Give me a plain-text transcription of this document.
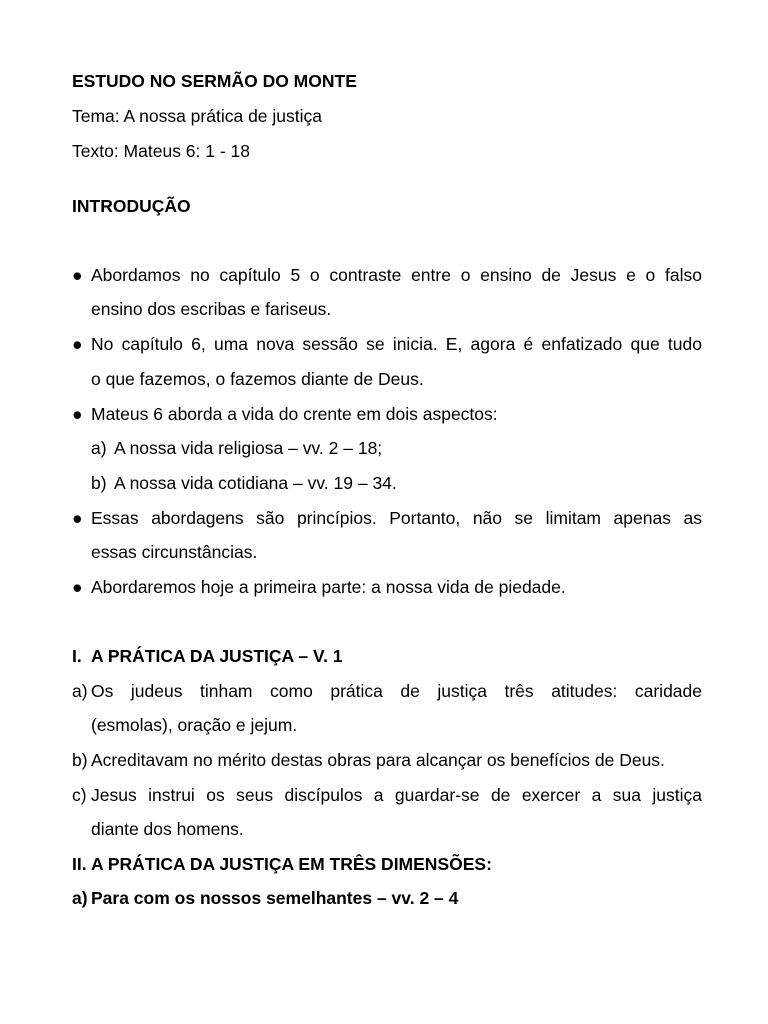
ESTUDO NO SERMÃO DO MONTE
Tema: A nossa prática de justiça
Texto: Mateus 6: 1 - 18
INTRODUÇÃO
● Abordamos no capítulo 5 o contraste entre o ensino de Jesus e o falso
ensino dos escribas e fariseus.
● No capítulo 6, uma nova sessão se inicia. E, agora é enfatizado que tudo
o que fazemos, o fazemos diante de Deus.
● Mateus 6 aborda a vida do crente em dois aspectos:
a) A nossa vida religiosa – vv. 2 – 18;
b) A nossa vida cotidiana – vv. 19 – 34.
● Essas abordagens são princípios. Portanto, não se limitam apenas as
essas circunstâncias.
● Abordaremos hoje a primeira parte: a nossa vida de piedade.
I. A PRÁTICA DA JUSTIÇA – V. 1
a) Os judeus tinham como prática de justiça três atitudes: caridade
(esmolas), oração e jejum.
b) Acreditavam no mérito destas obras para alcançar os benefícios de Deus.
c) Jesus instrui os seus discípulos a guardar-se de exercer a sua justiça
diante dos homens.
II. A PRÁTICA DA JUSTIÇA EM TRÊS DIMENSÕES:
a) Para com os nossos semelhantes – vv. 2 – 4
